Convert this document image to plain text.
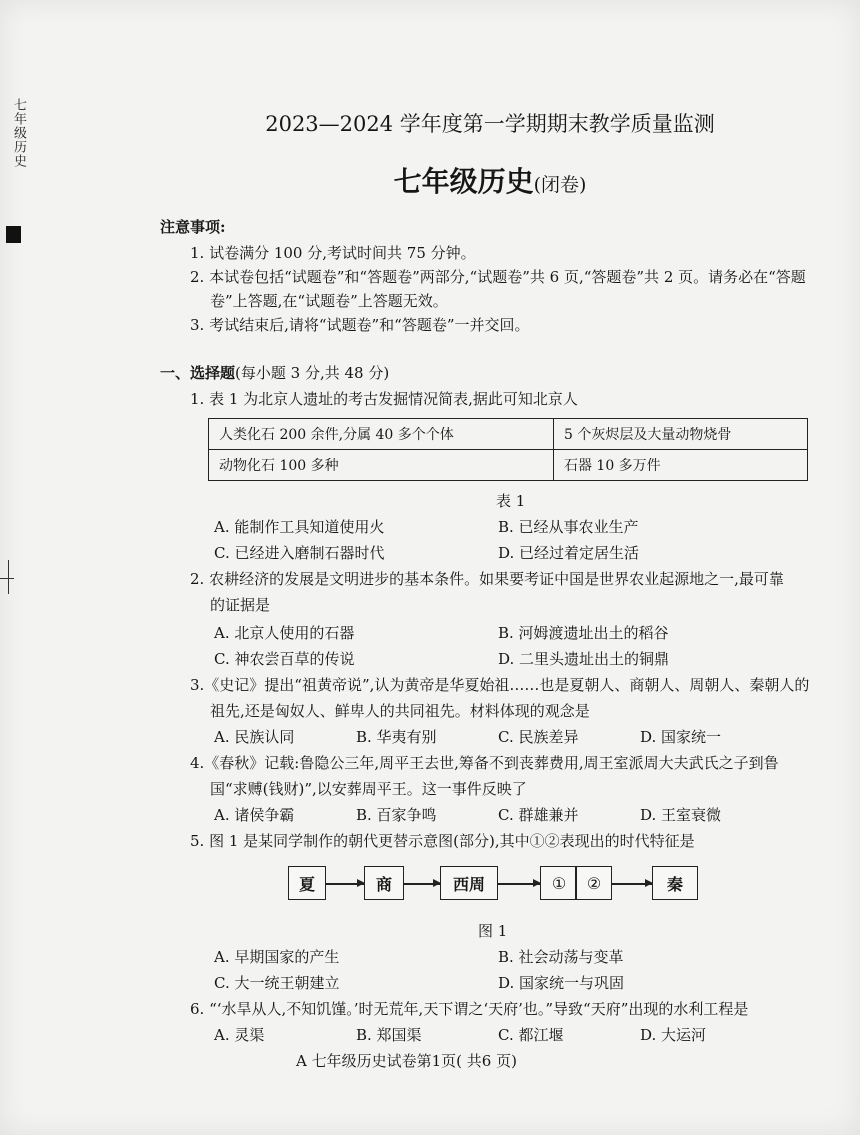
七年级历史	2023—2024 学年度第一学期期末教学质量监测
七年级历史(闭卷)
注意事项:
1. 试卷满分 100 分,考试时间共 75 分钟。
2. 本试卷包括“试题卷”和“答题卷”两部分,“试题卷”共 6 页,“答题卷”共 2 页。请务必在“答题
卷”上答题,在“试题卷”上答题无效。
3. 考试结束后,请将“试题卷”和“答题卷”一并交回。
一、选择题(每小题 3 分,共 48 分)
1. 表 1 为北京人遗址的考古发掘情况简表,据此可知北京人
人类化石 200 余件,分属 40 多个个体	5 个灰烬层及大量动物烧骨
动物化石 100 多种	石器 10 多万件
表 1
A. 能制作工具知道使用火	B. 已经从事农业生产
C. 已经进入磨制石器时代	D. 已经过着定居生活
2. 农耕经济的发展是文明进步的基本条件。如果要考证中国是世界农业起源地之一,最可靠
的证据是
A. 北京人使用的石器	B. 河姆渡遗址出土的稻谷
C. 神农尝百草的传说	D. 二里头遗址出土的铜鼎
3.《史记》提出“祖黄帝说”,认为黄帝是华夏始祖……也是夏朝人、商朝人、周朝人、秦朝人的
祖先,还是匈奴人、鲜卑人的共同祖先。材料体现的观念是
A. 民族认同	B. 华夷有别	C. 民族差异	D. 国家统一
4.《春秋》记载:鲁隐公三年,周平王去世,筹备不到丧葬费用,周王室派周大夫武氏之子到鲁
国“求赙(钱财)”,以安葬周平王。这一事件反映了
A. 诸侯争霸	B. 百家争鸣	C. 群雄兼并	D. 王室衰微
5. 图 1 是某同学制作的朝代更替示意图(部分),其中①②表现出的时代特征是
夏	商	西周	①	②	秦
图 1
A. 早期国家的产生	B. 社会动荡与变革
C. 大一统王朝建立	D. 国家统一与巩固
6. “‘水旱从人,不知饥馑。’时无荒年,天下谓之‘天府’也。”导致“天府”出现的水利工程是
A. 灵渠	B. 郑国渠	C. 都江堰	D. 大运河
A 七年级历史试卷第1页( 共6 页)
